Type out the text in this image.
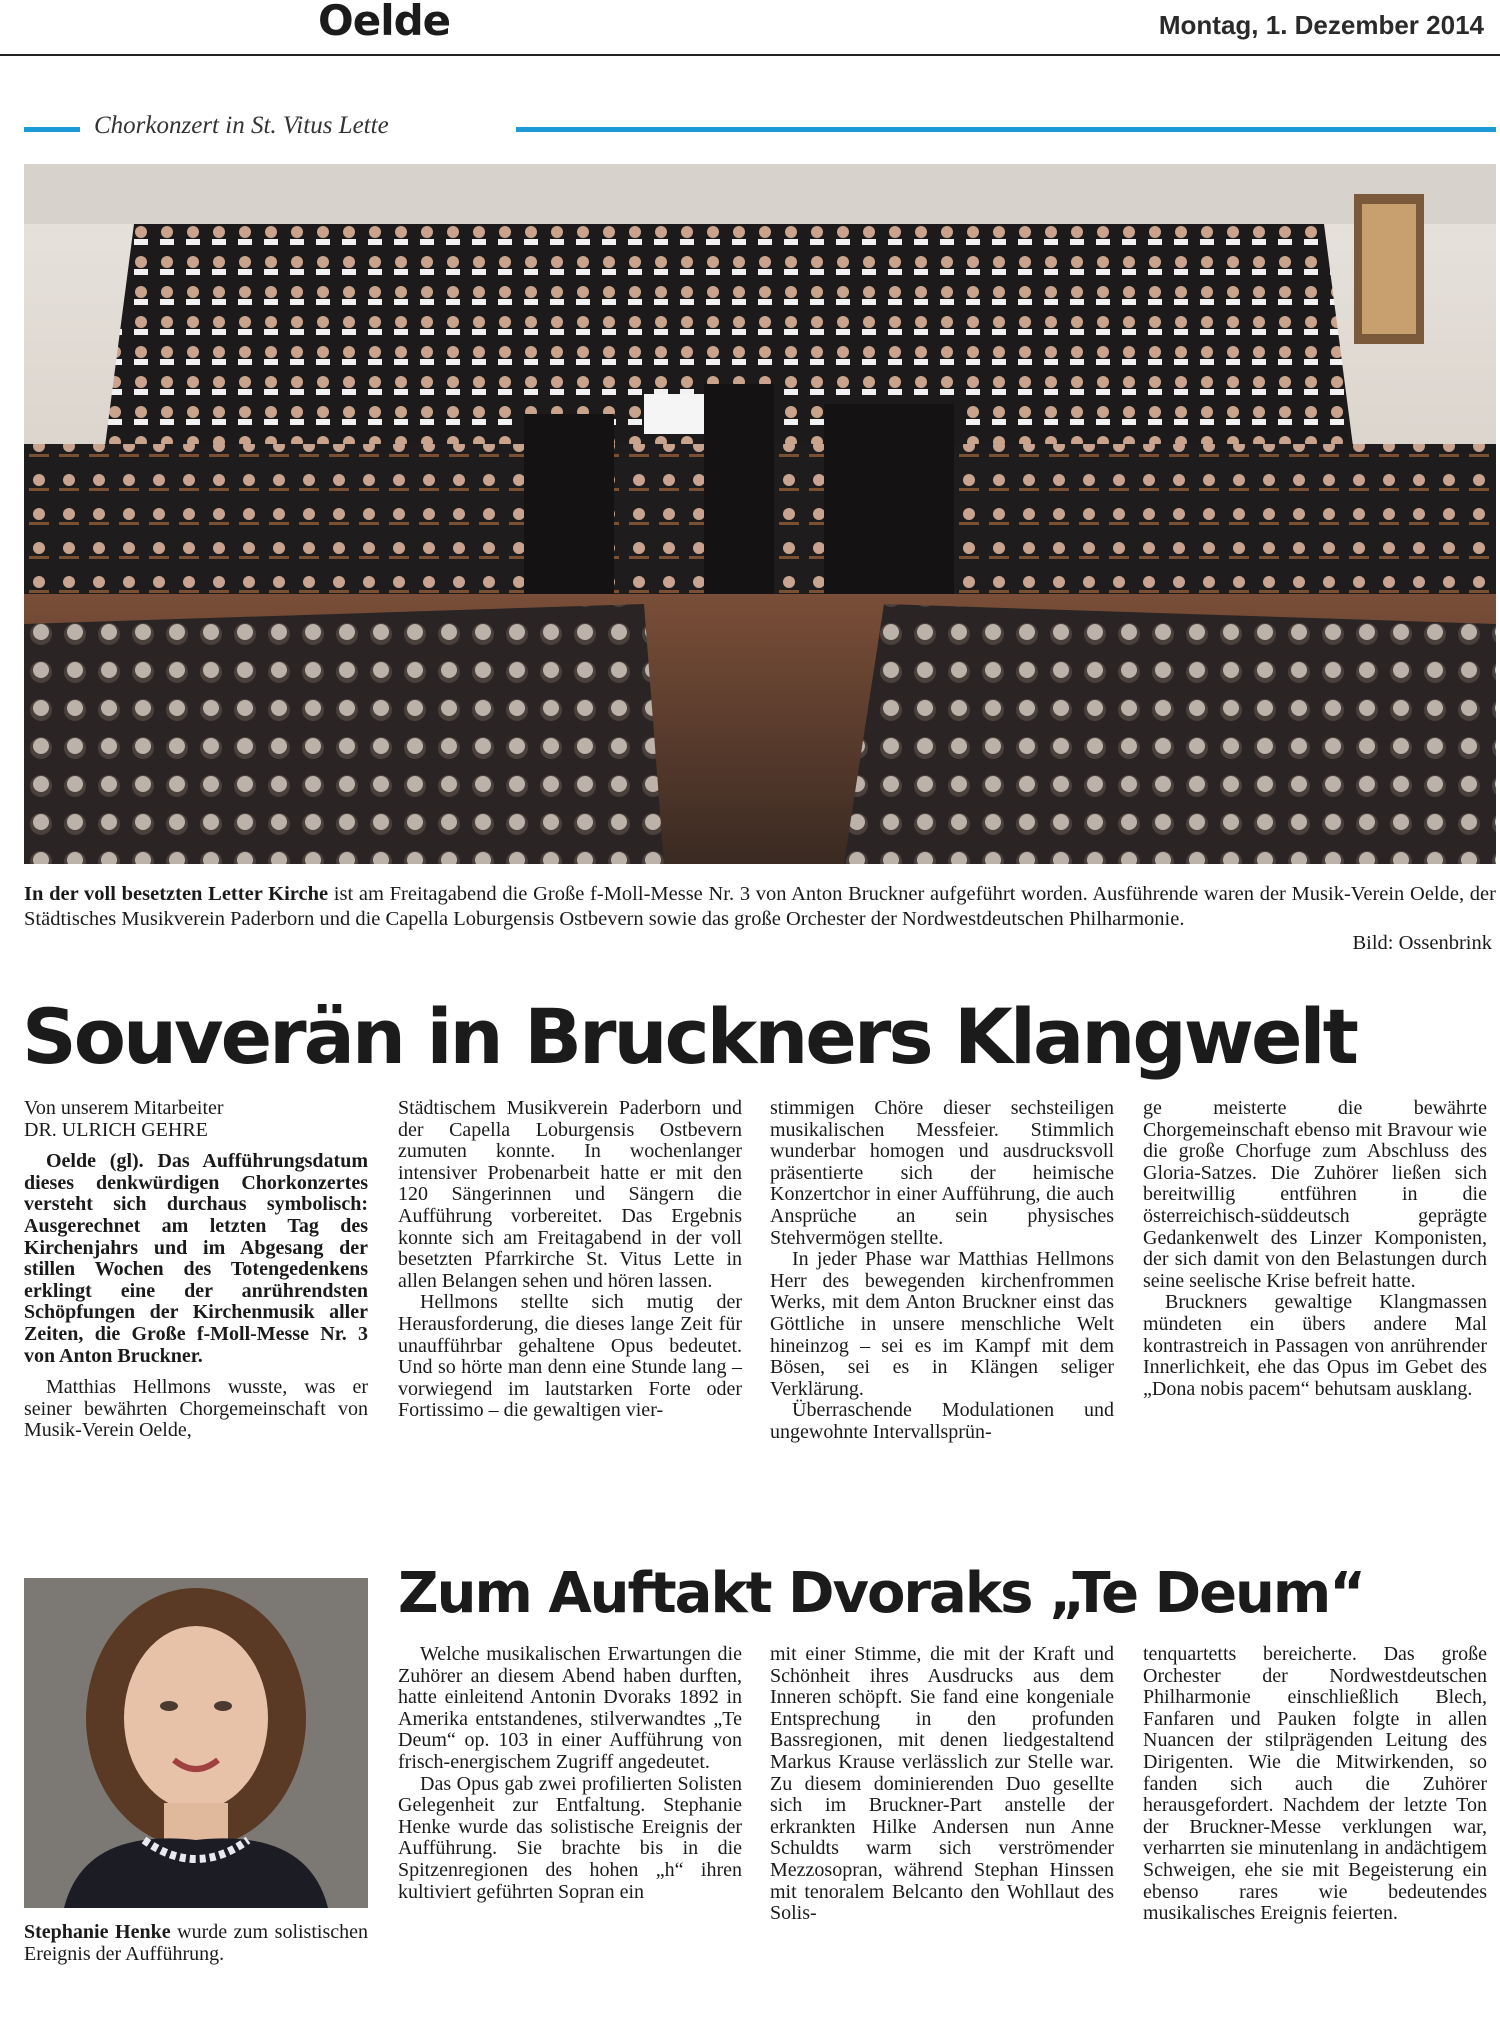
Oelde	Montag, 1. Dezember 2014
Chorkonzert in St. Vitus Lette
In der voll besetzten Letter Kirche ist am Freitagabend die Große f-Moll-Messe Nr. 3 von Anton Bruckner aufgeführt worden. Ausführende waren der Musik-Verein Oelde, der Städtisches Musikverein Paderborn und die Capella Loburgensis Ostbevern sowie das große Orchester der Nordwestdeutschen Philharmonie.
Bild: Ossenbrink
Souverän in Bruckners Klangwelt

Von unserem Mitarbeiter

DR. ULRICH GEHRE

Oelde (gl). Das Aufführungsdatum dieses denkwürdigen Chorkonzertes versteht sich durchaus symbolisch: Ausgerechnet am letzten Tag des Kirchenjahrs und im Abgesang der stillen Wochen des Totengedenkens erklingt eine der anrührendsten Schöpfungen der Kirchenmusik aller Zeiten, die Große f-Moll-Messe Nr. 3 von Anton Bruckner.

Matthias Hellmons wusste, was er seiner bewährten Chorgemeinschaft von Musik-Verein Oelde,

Städtischem Musikverein Paderborn und der Capella Loburgensis Ostbevern zumuten konnte. In wochenlanger intensiver Probenarbeit hatte er mit den 120 Sängerinnen und Sängern die Aufführung vorbereitet. Das Ergebnis konnte sich am Freitagabend in der voll besetzten Pfarrkirche St. Vitus Lette in allen Belangen sehen und hören lassen.

Hellmons stellte sich mutig der Herausforderung, die dieses lange Zeit für unaufführbar gehaltene Opus bedeutet. Und so hörte man denn eine Stunde lang – vorwiegend im lautstarken Forte oder Fortissimo – die gewaltigen vier-

stimmigen Chöre dieser sechsteiligen musikalischen Messfeier. Stimmlich wunderbar homogen und ausdrucksvoll präsentierte sich der heimische Konzertchor in einer Aufführung, die auch Ansprüche an sein physisches Stehvermögen stellte.

In jeder Phase war Matthias Hellmons Herr des bewegenden kirchenfrommen Werks, mit dem Anton Bruckner einst das Göttliche in unsere menschliche Welt hineinzog – sei es im Kampf mit dem Bösen, sei es in Klängen seliger Verklärung.

Überraschende Modulationen und ungewohnte Intervallsprün-

ge meisterte die bewährte Chorgemeinschaft ebenso mit Bravour wie die große Chorfuge zum Abschluss des Gloria-Satzes. Die Zuhörer ließen sich bereitwillig entführen in die österreichisch-süddeutsch geprägte Gedankenwelt des Linzer Komponisten, der sich damit von den Belastungen durch seine seelische Krise befreit hatte.

Bruckners gewaltige Klangmassen mündeten ein übers andere Mal kontrastreich in Passagen von anrührender Innerlichkeit, ehe das Opus im Gebet des „Dona nobis pacem“ behutsam ausklang.

Stephanie Henke wurde zum solistischen Ereignis der Aufführung.
Zum Auftakt Dvoraks „Te Deum“

Welche musikalischen Erwartungen die Zuhörer an diesem Abend haben durften, hatte einleitend Antonin Dvoraks 1892 in Amerika entstandenes, stilverwandtes „Te Deum“ op. 103 in einer Aufführung von frisch-energischem Zugriff angedeutet.

Das Opus gab zwei profilierten Solisten Gelegenheit zur Entfaltung. Stephanie Henke wurde das solistische Ereignis der Aufführung. Sie brachte bis in die Spitzenregionen des hohen „h“ ihren kultiviert geführten Sopran ein

mit einer Stimme, die mit der Kraft und Schönheit ihres Ausdrucks aus dem Inneren schöpft. Sie fand eine kongeniale Entsprechung in den profunden Bassregionen, mit denen liedgestaltend Markus Krause verlässlich zur Stelle war. Zu diesem dominierenden Duo gesellte sich im Bruckner-Part anstelle der erkrankten Hilke Andersen nun Anne Schuldts warm sich verströmender Mezzosopran, während Stephan Hinssen mit tenoralem Belcanto den Wohllaut des Solis-

tenquartetts bereicherte. Das große Orchester der Nordwestdeutschen Philharmonie einschließlich Blech, Fanfaren und Pauken folgte in allen Nuancen der stilprägenden Leitung des Dirigenten. Wie die Mitwirkenden, so fanden sich auch die Zuhörer herausgefordert. Nachdem der letzte Ton der Bruckner-Messe verklungen war, verharrten sie minutenlang in andächtigem Schweigen, ehe sie mit Begeisterung ein ebenso rares wie bedeutendes musikalisches Ereignis feierten.
